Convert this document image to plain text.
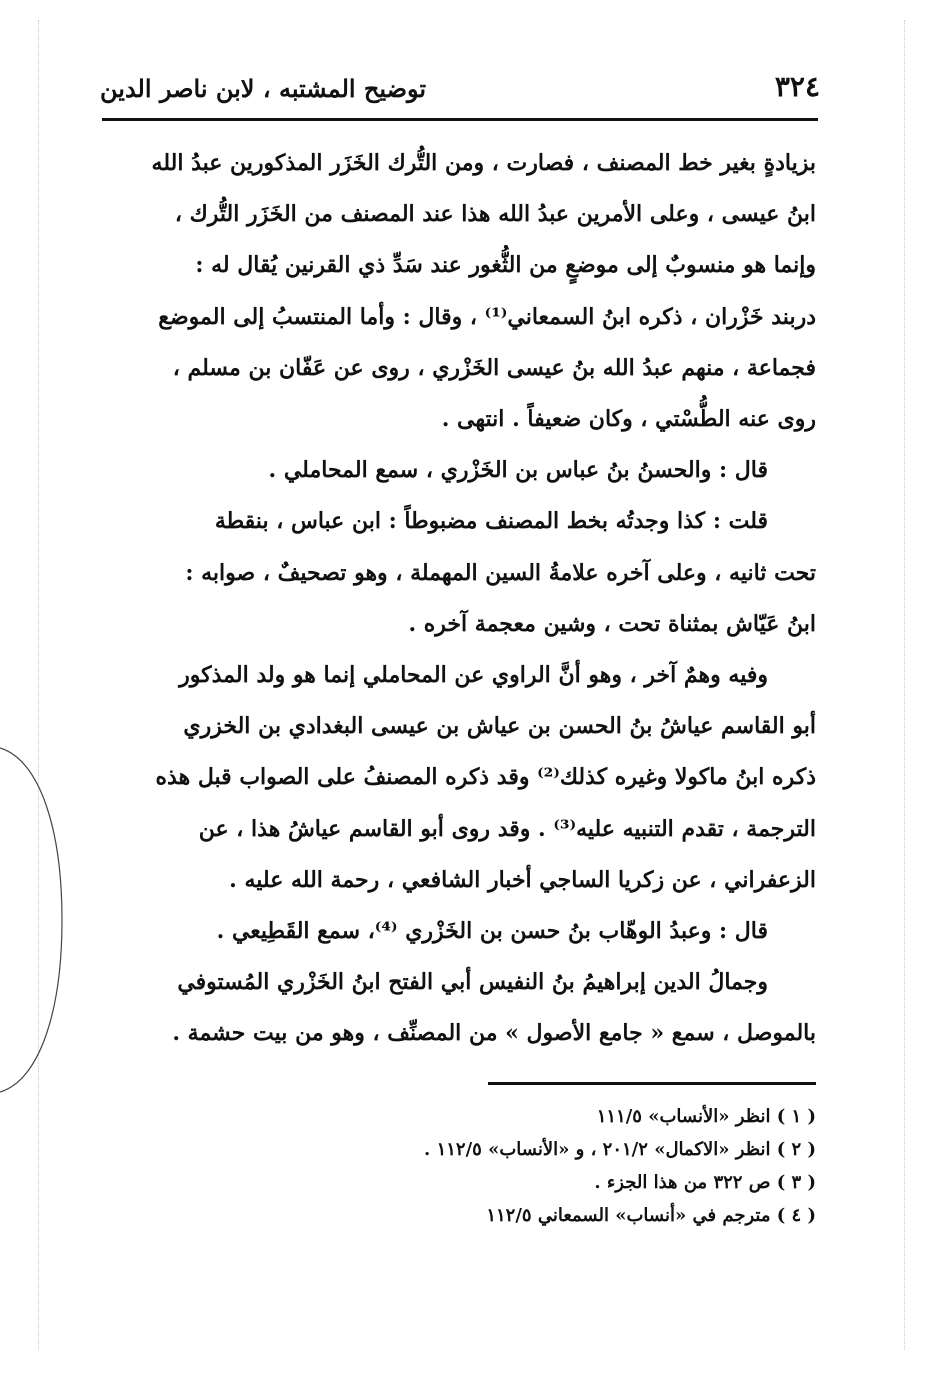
٣٢٤
توضيح المشتبه ، لابن ناصر الدين

بزيادةٍ بغير خط المصنف ، فصارت ، ومن التُّرك الخَزَر المذكورين عبدُ الله

ابنُ عيسى ، وعلى الأمرين عبدُ الله هذا عند المصنف من الخَزَر التُّرك ،

وإنما هو منسوبٌ إلى موضعٍ من الثُّغور عند سَدِّ ذي القرنين يُقال له :

دربند خَزْران ، ذكره ابنُ السمعاني⁽¹⁾ ، وقال : وأما المنتسبُ إلى الموضع

فجماعة ، منهم عبدُ الله بنُ عيسى الخَزْري ، روى عن عَفّان بن مسلم ،

روى عنه الطُّسْتي ، وكان ضعيفاً . انتهى .

قال : والحسنُ بنُ عباس بن الخَزْري ، سمع المحاملي .

قلت : كذا وجدتُه بخط المصنف مضبوطاً : ابن عباس ، بنقطة

تحت ثانيه ، وعلى آخره علامةُ السين المهملة ، وهو تصحيفٌ ، صوابه :

ابنُ عَيّاش بمثناة تحت ، وشين معجمة آخره .

وفيه وهمٌ آخر ، وهو أنَّ الراوي عن المحاملي إنما هو ولد المذكور

أبو القاسم عياشُ بنُ الحسن بن عياش بن عيسى البغدادي بن الخزري

ذكره ابنُ ماكولا وغيره كذلك⁽²⁾ وقد ذكره المصنفُ على الصواب قبل هذه

الترجمة ، تقدم التنبيه عليه⁽³⁾ . وقد روى أبو القاسم عياشُ هذا ، عن

الزعفراني ، عن زكريا الساجي أخبار الشافعي ، رحمة الله عليه .

قال : وعبدُ الوهّاب بنُ حسن بن الخَزْري ⁽⁴⁾، سمع القَطِيعي .

وجمالُ الدين إبراهيمُ بنُ النفيس أبي الفتح ابنُ الخَزْري المُستوفي

بالموصل ، سمع « جامع الأصول » من المصنِّف ، وهو من بيت حشمة .

( ١ ) انظر «الأنساب» ١١١/٥

( ٢ ) انظر «الاكمال» ٢٠١/٢ ، و «الأنساب» ١١٢/٥ .

( ٣ ) ص ٣٢٢ من هذا الجزء .

( ٤ ) مترجم في «أنساب» السمعاني ١١٢/٥
